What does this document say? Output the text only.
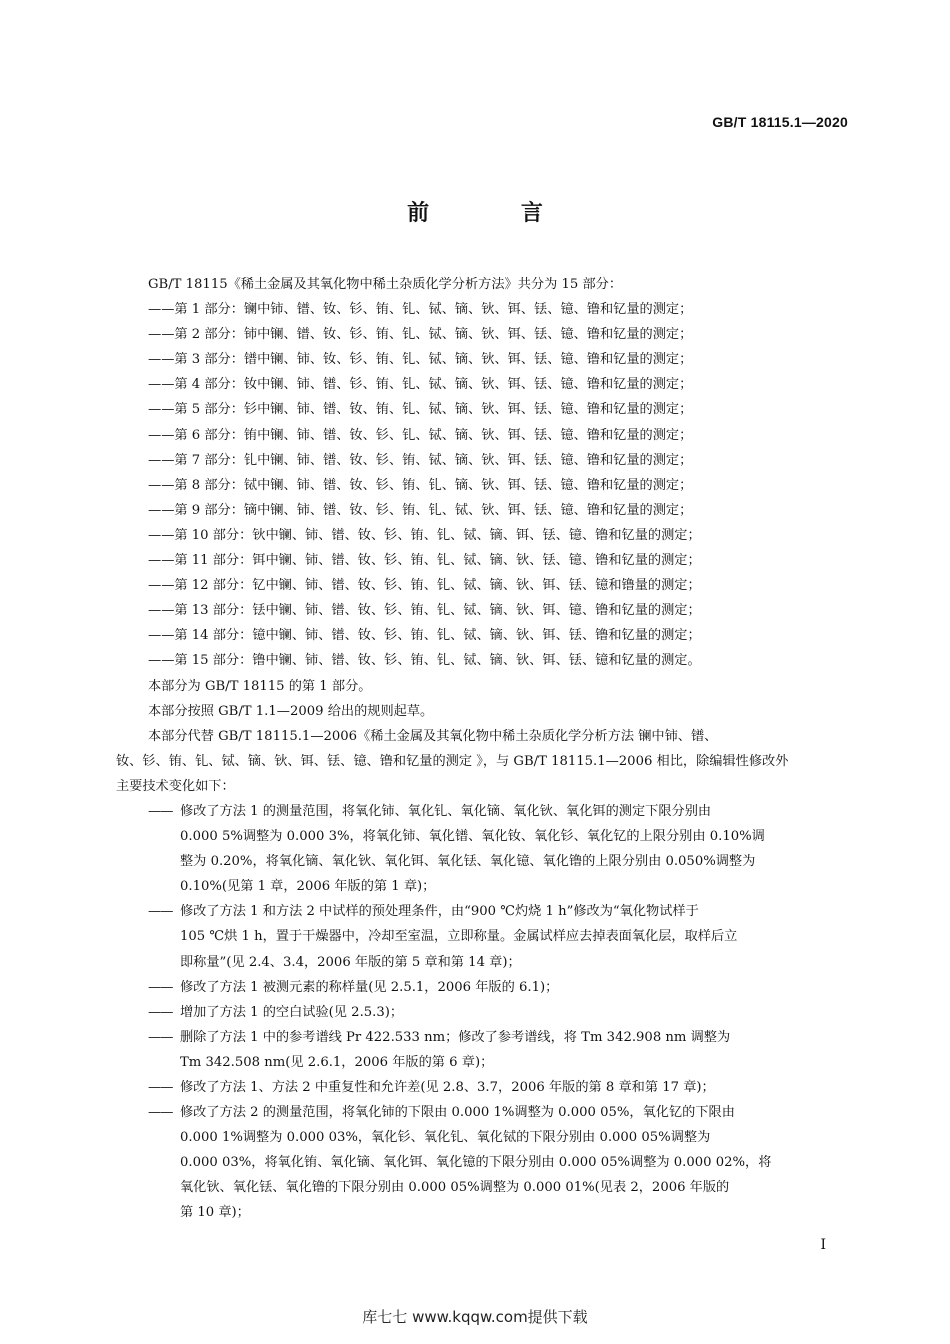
GB/T 18115.1—2020
前 言
GB/T 18115《稀土金属及其氧化物中稀土杂质化学分析方法》共分为 15 部分：
——第 1 部分：镧中铈、镨、钕、钐、铕、钆、铽、镝、钬、铒、铥、镱、镥和钇量的测定；
——第 2 部分：铈中镧、镨、钕、钐、铕、钆、铽、镝、钬、铒、铥、镱、镥和钇量的测定；
——第 3 部分：镨中镧、铈、钕、钐、铕、钆、铽、镝、钬、铒、铥、镱、镥和钇量的测定；
——第 4 部分：钕中镧、铈、镨、钐、铕、钆、铽、镝、钬、铒、铥、镱、镥和钇量的测定；
——第 5 部分：钐中镧、铈、镨、钕、铕、钆、铽、镝、钬、铒、铥、镱、镥和钇量的测定；
——第 6 部分：铕中镧、铈、镨、钕、钐、钆、铽、镝、钬、铒、铥、镱、镥和钇量的测定；
——第 7 部分：钆中镧、铈、镨、钕、钐、铕、铽、镝、钬、铒、铥、镱、镥和钇量的测定；
——第 8 部分：铽中镧、铈、镨、钕、钐、铕、钆、镝、钬、铒、铥、镱、镥和钇量的测定；
——第 9 部分：镝中镧、铈、镨、钕、钐、铕、钆、铽、钬、铒、铥、镱、镥和钇量的测定；
——第 10 部分：钬中镧、铈、镨、钕、钐、铕、钆、铽、镝、铒、铥、镱、镥和钇量的测定；
——第 11 部分：铒中镧、铈、镨、钕、钐、铕、钆、铽、镝、钬、铥、镱、镥和钇量的测定；
——第 12 部分：钇中镧、铈、镨、钕、钐、铕、钆、铽、镝、钬、铒、铥、镱和镥量的测定；
——第 13 部分：铥中镧、铈、镨、钕、钐、铕、钆、铽、镝、钬、铒、镱、镥和钇量的测定；
——第 14 部分：镱中镧、铈、镨、钕、钐、铕、钆、铽、镝、钬、铒、铥、镥和钇量的测定；
——第 15 部分：镥中镧、铈、镨、钕、钐、铕、钆、铽、镝、钬、铒、铥、镱和钇量的测定。
本部分为 GB/T 18115 的第 1 部分。
本部分按照 GB/T 1.1—2009 给出的规则起草。
本部分代替 GB/T 18115.1—2006《稀土金属及其氧化物中稀土杂质化学分析方法 镧中铈、镨、
钕、钐、铕、钆、铽、镝、钬、铒、铥、镱、镥和钇量的测定 》，与 GB/T 18115.1—2006 相比，除编辑性修改外
主要技术变化如下：
—— 修改了方法 1 的测量范围，将氧化铈、氧化钆、氧化镝、氧化钬、氧化铒的测定下限分别由
0.000 5%调整为 0.000 3%，将氧化铈、氧化镨、氧化钕、氧化钐、氧化钇的上限分别由 0.10%调
整为 0.20%，将氧化镝、氧化钬、氧化铒、氧化铥、氧化镱、氧化镥的上限分别由 0.050%调整为
0.10%(见第 1 章，2006 年版的第 1 章)；
—— 修改了方法 1 和方法 2 中试样的预处理条件，由“900 ℃灼烧 1 h”修改为“氧化物试样于
105 ℃烘 1 h，置于干燥器中，冷却至室温，立即称量。金属试样应去掉表面氧化层，取样后立
即称量”(见 2.4、3.4，2006 年版的第 5 章和第 14 章)；
—— 修改了方法 1 被测元素的称样量(见 2.5.1，2006 年版的 6.1)；
—— 增加了方法 1 的空白试验(见 2.5.3)；
—— 删除了方法 1 中的参考谱线 Pr 422.533 nm；修改了参考谱线，将 Tm 342.908 nm 调整为
Tm 342.508 nm(见 2.6.1，2006 年版的第 6 章)；
—— 修改了方法 1、方法 2 中重复性和允许差(见 2.8、3.7，2006 年版的第 8 章和第 17 章)；
—— 修改了方法 2 的测量范围，将氧化铈的下限由 0.000 1%调整为 0.000 05%，氧化钇的下限由
0.000 1%调整为 0.000 03%，氧化钐、氧化钆、氧化铽的下限分别由 0.000 05%调整为
0.000 03%，将氧化铕、氧化镝、氧化铒、氧化镱的下限分别由 0.000 05%调整为 0.000 02%，将
氧化钬、氧化铥、氧化镥的下限分别由 0.000 05%调整为 0.000 01%(见表 2，2006 年版的
第 10 章)；
I
库七七 www.kqqw.com提供下载
